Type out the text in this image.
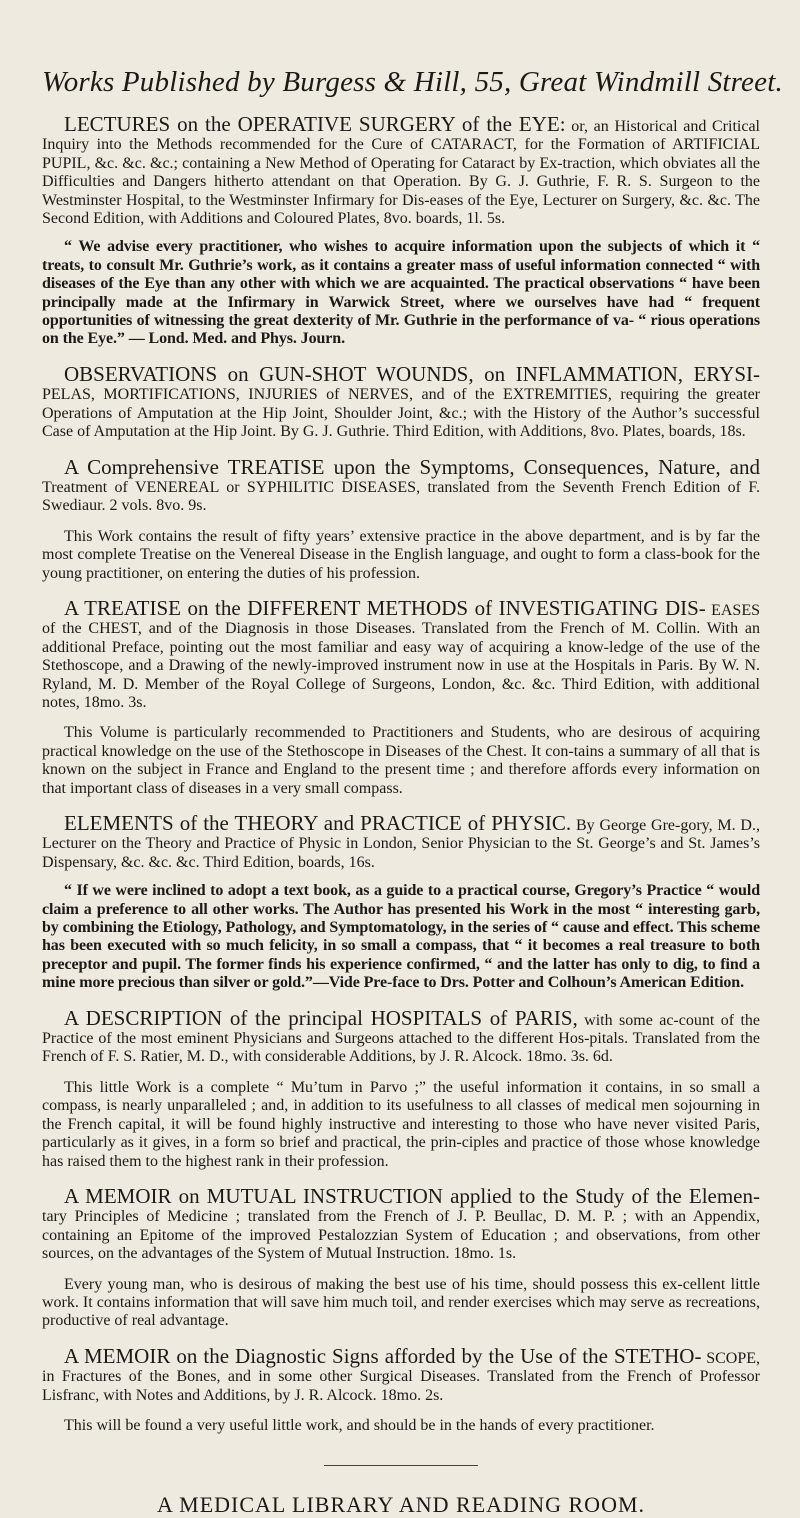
Works Published by Burgess & Hill, 55, Great Windmill Street.

LECTURES on the OPERATIVE SURGERY of the EYE: or, an Historical and Critical Inquiry into the Methods recommended for the Cure of CATARACT, for the Formation of ARTIFICIAL PUPIL, &c. &c. &c.; containing a New Method of Operating for Cataract by Ex-traction, which obviates all the Difficulties and Dangers hitherto attendant on that Operation. By G. J. Guthrie, F. R. S. Surgeon to the Westminster Hospital, to the Westminster Infirmary for Dis-eases of the Eye, Lecturer on Surgery, &c. &c. The Second Edition, with Additions and Coloured Plates, 8vo. boards, 1l. 5s.

“ We advise every practitioner, who wishes to acquire information upon the subjects of which it “ treats, to consult Mr. Guthrie’s work, as it contains a greater mass of useful information connected “ with diseases of the Eye than any other with which we are acquainted. The practical observations “ have been principally made at the Infirmary in Warwick Street, where we ourselves have had “ frequent opportunities of witnessing the great dexterity of Mr. Guthrie in the performance of va- “ rious operations on the Eye.” — Lond. Med. and Phys. Journ.

OBSERVATIONS on GUN-SHOT WOUNDS, on INFLAMMATION, ERYSI- PELAS, MORTIFICATIONS, INJURIES of NERVES, and of the EXTREMITIES, requiring the greater Operations of Amputation at the Hip Joint, Shoulder Joint, &c.; with the History of the Author’s successful Case of Amputation at the Hip Joint. By G. J. Guthrie. Third Edition, with Additions, 8vo. Plates, boards, 18s.

A Comprehensive TREATISE upon the Symptoms, Consequences, Nature, and Treatment of VENEREAL or SYPHILITIC DISEASES, translated from the Seventh French Edition of F. Swediaur. 2 vols. 8vo. 9s.

This Work contains the result of fifty years’ extensive practice in the above department, and is by far the most complete Treatise on the Venereal Disease in the English language, and ought to form a class-book for the young practitioner, on entering the duties of his profession.

A TREATISE on the DIFFERENT METHODS of INVESTIGATING DIS- EASES of the CHEST, and of the Diagnosis in those Diseases. Translated from the French of M. Collin. With an additional Preface, pointing out the most familiar and easy way of acquiring a know-ledge of the use of the Stethoscope, and a Drawing of the newly-improved instrument now in use at the Hospitals in Paris. By W. N. Ryland, M. D. Member of the Royal College of Surgeons, London, &c. &c. Third Edition, with additional notes, 18mo. 3s.

This Volume is particularly recommended to Practitioners and Students, who are desirous of acquiring practical knowledge on the use of the Stethoscope in Diseases of the Chest. It con-tains a summary of all that is known on the subject in France and England to the present time ; and therefore affords every information on that important class of diseases in a very small compass.

ELEMENTS of the THEORY and PRACTICE of PHYSIC. By George Gre-gory, M. D., Lecturer on the Theory and Practice of Physic in London, Senior Physician to the St. George’s and St. James’s Dispensary, &c. &c. &c. Third Edition, boards, 16s.

“ If we were inclined to adopt a text book, as a guide to a practical course, Gregory’s Practice “ would claim a preference to all other works. The Author has presented his Work in the most “ interesting garb, by combining the Etiology, Pathology, and Symptomatology, in the series of “ cause and effect. This scheme has been executed with so much felicity, in so small a compass, that “ it becomes a real treasure to both preceptor and pupil. The former finds his experience confirmed, “ and the latter has only to dig, to find a mine more precious than silver or gold.”—Vide Pre-face to Drs. Potter and Colhoun’s American Edition.

A DESCRIPTION of the principal HOSPITALS of PARIS, with some ac-count of the Practice of the most eminent Physicians and Surgeons attached to the different Hos-pitals. Translated from the French of F. S. Ratier, M. D., with considerable Additions, by J. R. Alcock. 18mo. 3s. 6d.

This little Work is a complete “ Mu’tum in Parvo ;” the useful information it contains, in so small a compass, is nearly unparalleled ; and, in addition to its usefulness to all classes of medical men sojourning in the French capital, it will be found highly instructive and interesting to those who have never visited Paris, particularly as it gives, in a form so brief and practical, the prin-ciples and practice of those whose knowledge has raised them to the highest rank in their profession.

A MEMOIR on MUTUAL INSTRUCTION applied to the Study of the Elemen- tary Principles of Medicine ; translated from the French of J. P. Beullac, D. M. P. ; with an Appendix, containing an Epitome of the improved Pestalozzian System of Education ; and observations, from other sources, on the advantages of the System of Mutual Instruction. 18mo. 1s.

Every young man, who is desirous of making the best use of his time, should possess this ex-cellent little work. It contains information that will save him much toil, and render exercises which may serve as recreations, productive of real advantage.

A MEMOIR on the Diagnostic Signs afforded by the Use of the STETHO- SCOPE, in Fractures of the Bones, and in some other Surgical Diseases. Translated from the French of Professor Lisfranc, with Notes and Additions, by J. R. Alcock. 18mo. 2s.

This will be found a very useful little work, and should be in the hands of every practitioner.

A MEDICAL LIBRARY AND READING ROOM.
